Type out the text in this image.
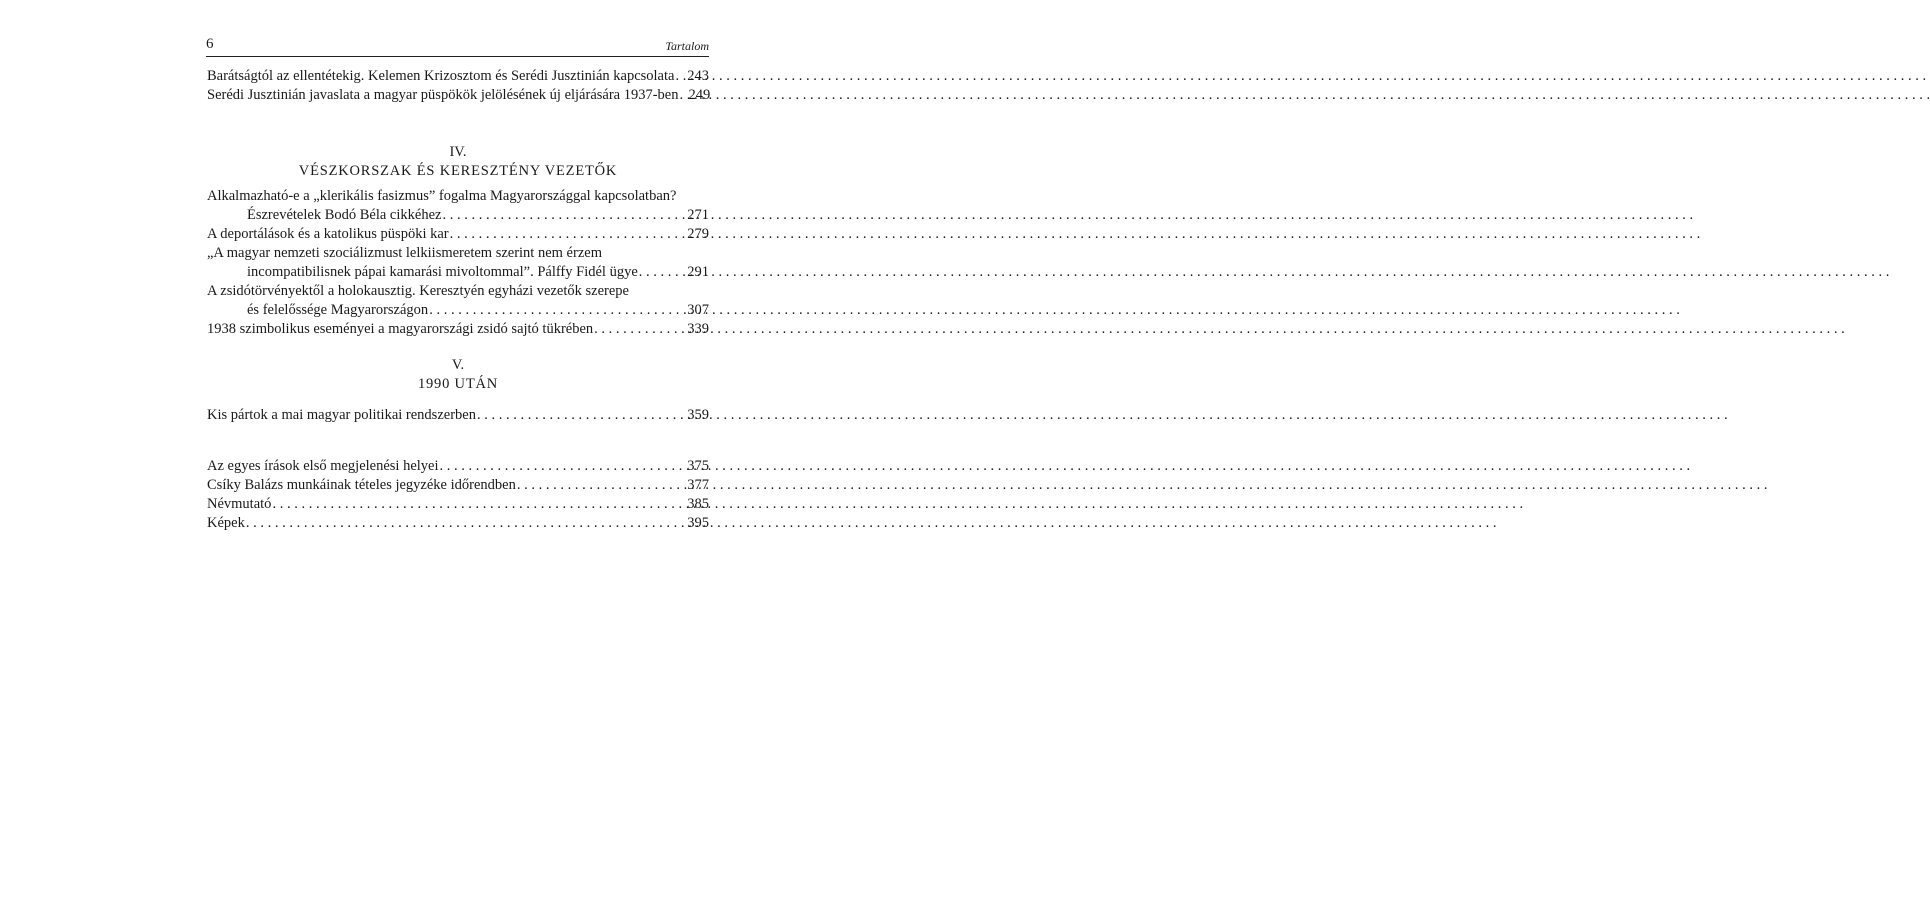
6	Tartalom
Barátságtól az ellentétekig. Kelemen Krizosztom és Serédi Jusztinián kapcsolata . . . 243
Serédi Jusztinián javaslata a magyar püspökök jelölésének új eljárására 1937-ben . . . 249
IV.
VÉSZKORSZAK ÉS KERESZTÉNY VEZETŐK
Alkalmazható-e a „klerikális fasizmus” fogalma Magyarországgal kapcsolatban?
Észrevételek Bodó Béla cikkéhez . . .	271
A deportálások és a katolikus püspöki kar . . .	279
„A magyar nemzeti szociálizmust lelkiismeretem szerint nem érzem
incompatibilisnek pápai kamarási mivoltommal”. Pálffy Fidél ügye . . .	291
A zsidótörvényektől a holokausztig. Keresztyén egyházi vezetők szerepe
és felelőssége Magyarországon . . .	307
1938 szimbolikus eseményei a magyarországi zsidó sajtó tükrében . . .	339
V.
1990 UTÁN
Kis pártok a mai magyar politikai rendszerben . . .	359
Az egyes írások első megjelenési helyei . . .	375
Csíky Balázs munkáinak tételes jegyzéke időrendben . . .	377
Névmutató . . .	385
Képek . . .	395
